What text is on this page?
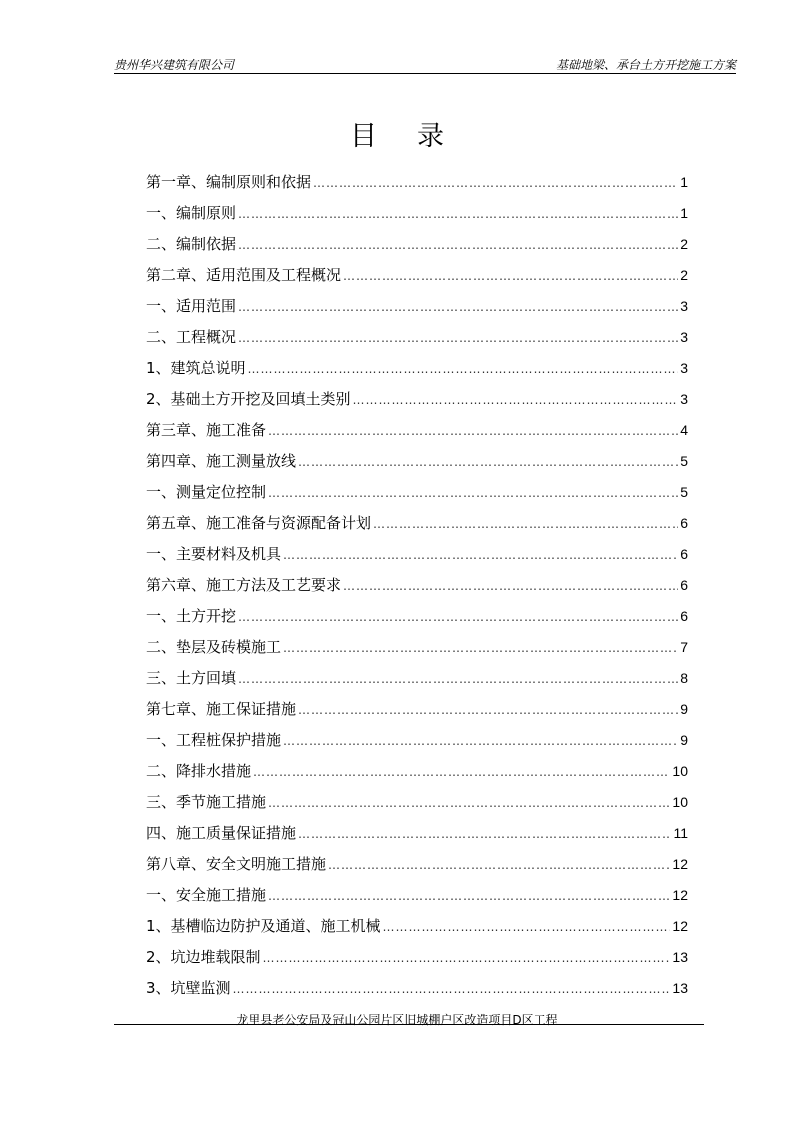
贵州华兴建筑有限公司	基础地梁、承台土方开挖施工方案
目录
第一章、编制原则和依据 ………………………………………………………………………………………………………………………………………………………………………………	1
一、编制原则 ………………………………………………………………………………………………………………………………………………………………………………	1
二、编制依据 ………………………………………………………………………………………………………………………………………………………………………………	2
第二章、适用范围及工程概况 ………………………………………………………………………………………………………………………………………………………………………………	2
一、适用范围 ………………………………………………………………………………………………………………………………………………………………………………	3
二、工程概况 ………………………………………………………………………………………………………………………………………………………………………………	3
1、建筑总说明 ………………………………………………………………………………………………………………………………………………………………………………	3
2、基础土方开挖及回填土类别 ………………………………………………………………………………………………………………………………………………………………………………	3
第三章、施工准备 ………………………………………………………………………………………………………………………………………………………………………………	4
第四章、施工测量放线 ………………………………………………………………………………………………………………………………………………………………………………	5
一、测量定位控制 ………………………………………………………………………………………………………………………………………………………………………………	5
第五章、施工准备与资源配备计划 ………………………………………………………………………………………………………………………………………………………………………………	6
一、主要材料及机具 ………………………………………………………………………………………………………………………………………………………………………………	6
第六章、施工方法及工艺要求 ………………………………………………………………………………………………………………………………………………………………………………	6
一、土方开挖 ………………………………………………………………………………………………………………………………………………………………………………	6
二、垫层及砖模施工 ………………………………………………………………………………………………………………………………………………………………………………	7
三、土方回填 ………………………………………………………………………………………………………………………………………………………………………………	8
第七章、施工保证措施 ………………………………………………………………………………………………………………………………………………………………………………	9
一、工程桩保护措施 ………………………………………………………………………………………………………………………………………………………………………………	9
二、降排水措施 ………………………………………………………………………………………………………………………………………………………………………………	10
三、季节施工措施 ………………………………………………………………………………………………………………………………………………………………………………	10
四、施工质量保证措施 ………………………………………………………………………………………………………………………………………………………………………………	11
第八章、安全文明施工措施 ………………………………………………………………………………………………………………………………………………………………………………	12
一、安全施工措施 ………………………………………………………………………………………………………………………………………………………………………………	12
1、基槽临边防护及通道、施工机械 ………………………………………………………………………………………………………………………………………………………………………………	12
2、坑边堆载限制 ………………………………………………………………………………………………………………………………………………………………………………	13
3、坑壁监测 ………………………………………………………………………………………………………………………………………………………………………………	13
龙里县老公安局及冠山公园片区旧城棚户区改造项目D区工程
